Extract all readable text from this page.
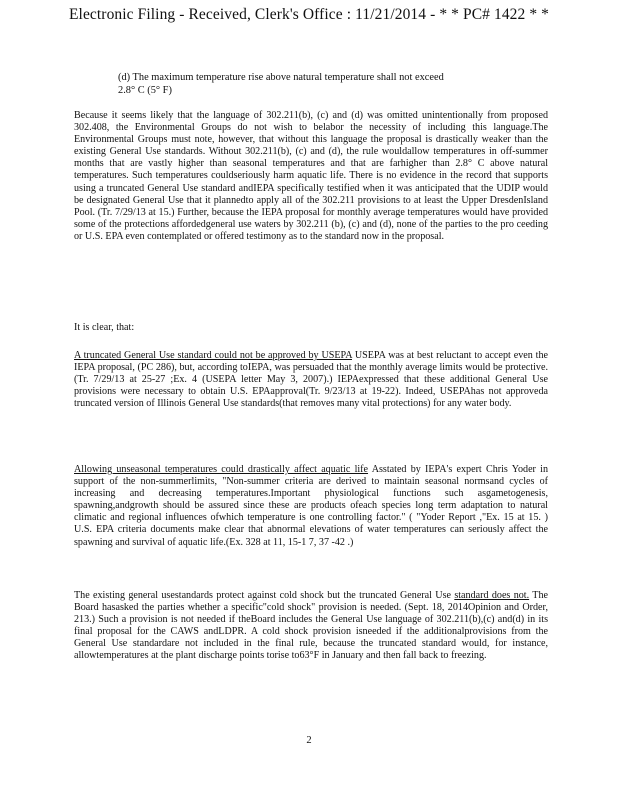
Electronic Filing - Received, Clerk's Office : 11/21/2014 - * * PC# 1422 * *
(d) The maximum temperature rise above natural temperature shall not exceed
2.8° C (5° F)

Because it seems likely that the language of 302.211(b), (c) and (d) was omitted unintentionally from proposed 302.408, the Environmental Groups do not wish to belabor the necessity of including this language.The Environmental Groups must note, however, that without this language the proposal is drastically weaker than the existing General Use standards. Without 302.211(b), (c) and (d), the rule wouldallow temperatures in off-summer months that are vastly higher than seasonal temperatures and that are farhigher than 2.8° C above natural temperatures. Such temperatures couldseriously harm aquatic life. There is no evidence in the record that supports using a truncated General Use standard andIEPA specifically testified when it was anticipated that the UDIP would be designated General Use that it plannedto apply all of the 302.211 provisions to at least the Upper DresdenIsland Pool. (Tr. 7/29/13 at 15.) Further, because the IEPA proposal for monthly average temperatures would have provided some of the protections affordedgeneral use waters by 302.211 (b), (c) and (d), none of the parties to the pro ceeding or U.S. EPA even contemplated or offered testimony as to the standard now in the proposal.

It is clear, that:

A truncated General Use standard could not be approved by USEPA USEPA was at best reluctant to accept even the IEPA proposal, (PC 286), but, according toIEPA, was persuaded that the monthly average limits would be protective. (Tr. 7/29/13 at 25-27 ;Ex. 4 (USEPA letter May 3, 2007).) IEPAexpressed that these additional General Use provisions were necessary to obtain U.S. EPAapproval(Tr. 9/23/13 at 19-22). Indeed, USEPAhas not approveda truncated version of Illinois General Use standards(that removes many vital protections) for any water body.

Allowing unseasonal temperatures could drastically affect aquatic life Asstated by IEPA's expert Chris Yoder in support of the non-summerlimits, "Non-summer criteria are derived to maintain seasonal normsand cycles of increasing and decreasing temperatures.Important physiological functions such asgametogenesis, spawning,andgrowth should be assured since these are products ofeach species long term adaptation to natural climatic and regional influences ofwhich temperature is one controlling factor." ( "Yoder Report ,"Ex. 15 at 15. ) U.S. EPA criteria documents make clear that abnormal elevations of water temperatures can seriously affect the spawning and survival of aquatic life.(Ex. 328 at 11, 15-1 7, 37 -42 .)

The existing general usestandards protect against cold shock but the truncated General Use standard does not. The Board hasasked the parties whether a specific"cold shock" provision is needed. (Sept. 18, 2014Opinion and Order, 213.) Such a provision is not needed if theBoard includes the General Use language of 302.211(b),(c) and(d) in its final proposal for the CAWS andLDPR. A cold shock provision isneeded if the additionalprovisions from the General Use standardare not included in the final rule, because the truncated standard would, for instance, allowtemperatures at the plant discharge points torise to63°F in January and then fall back to freezing.

2
